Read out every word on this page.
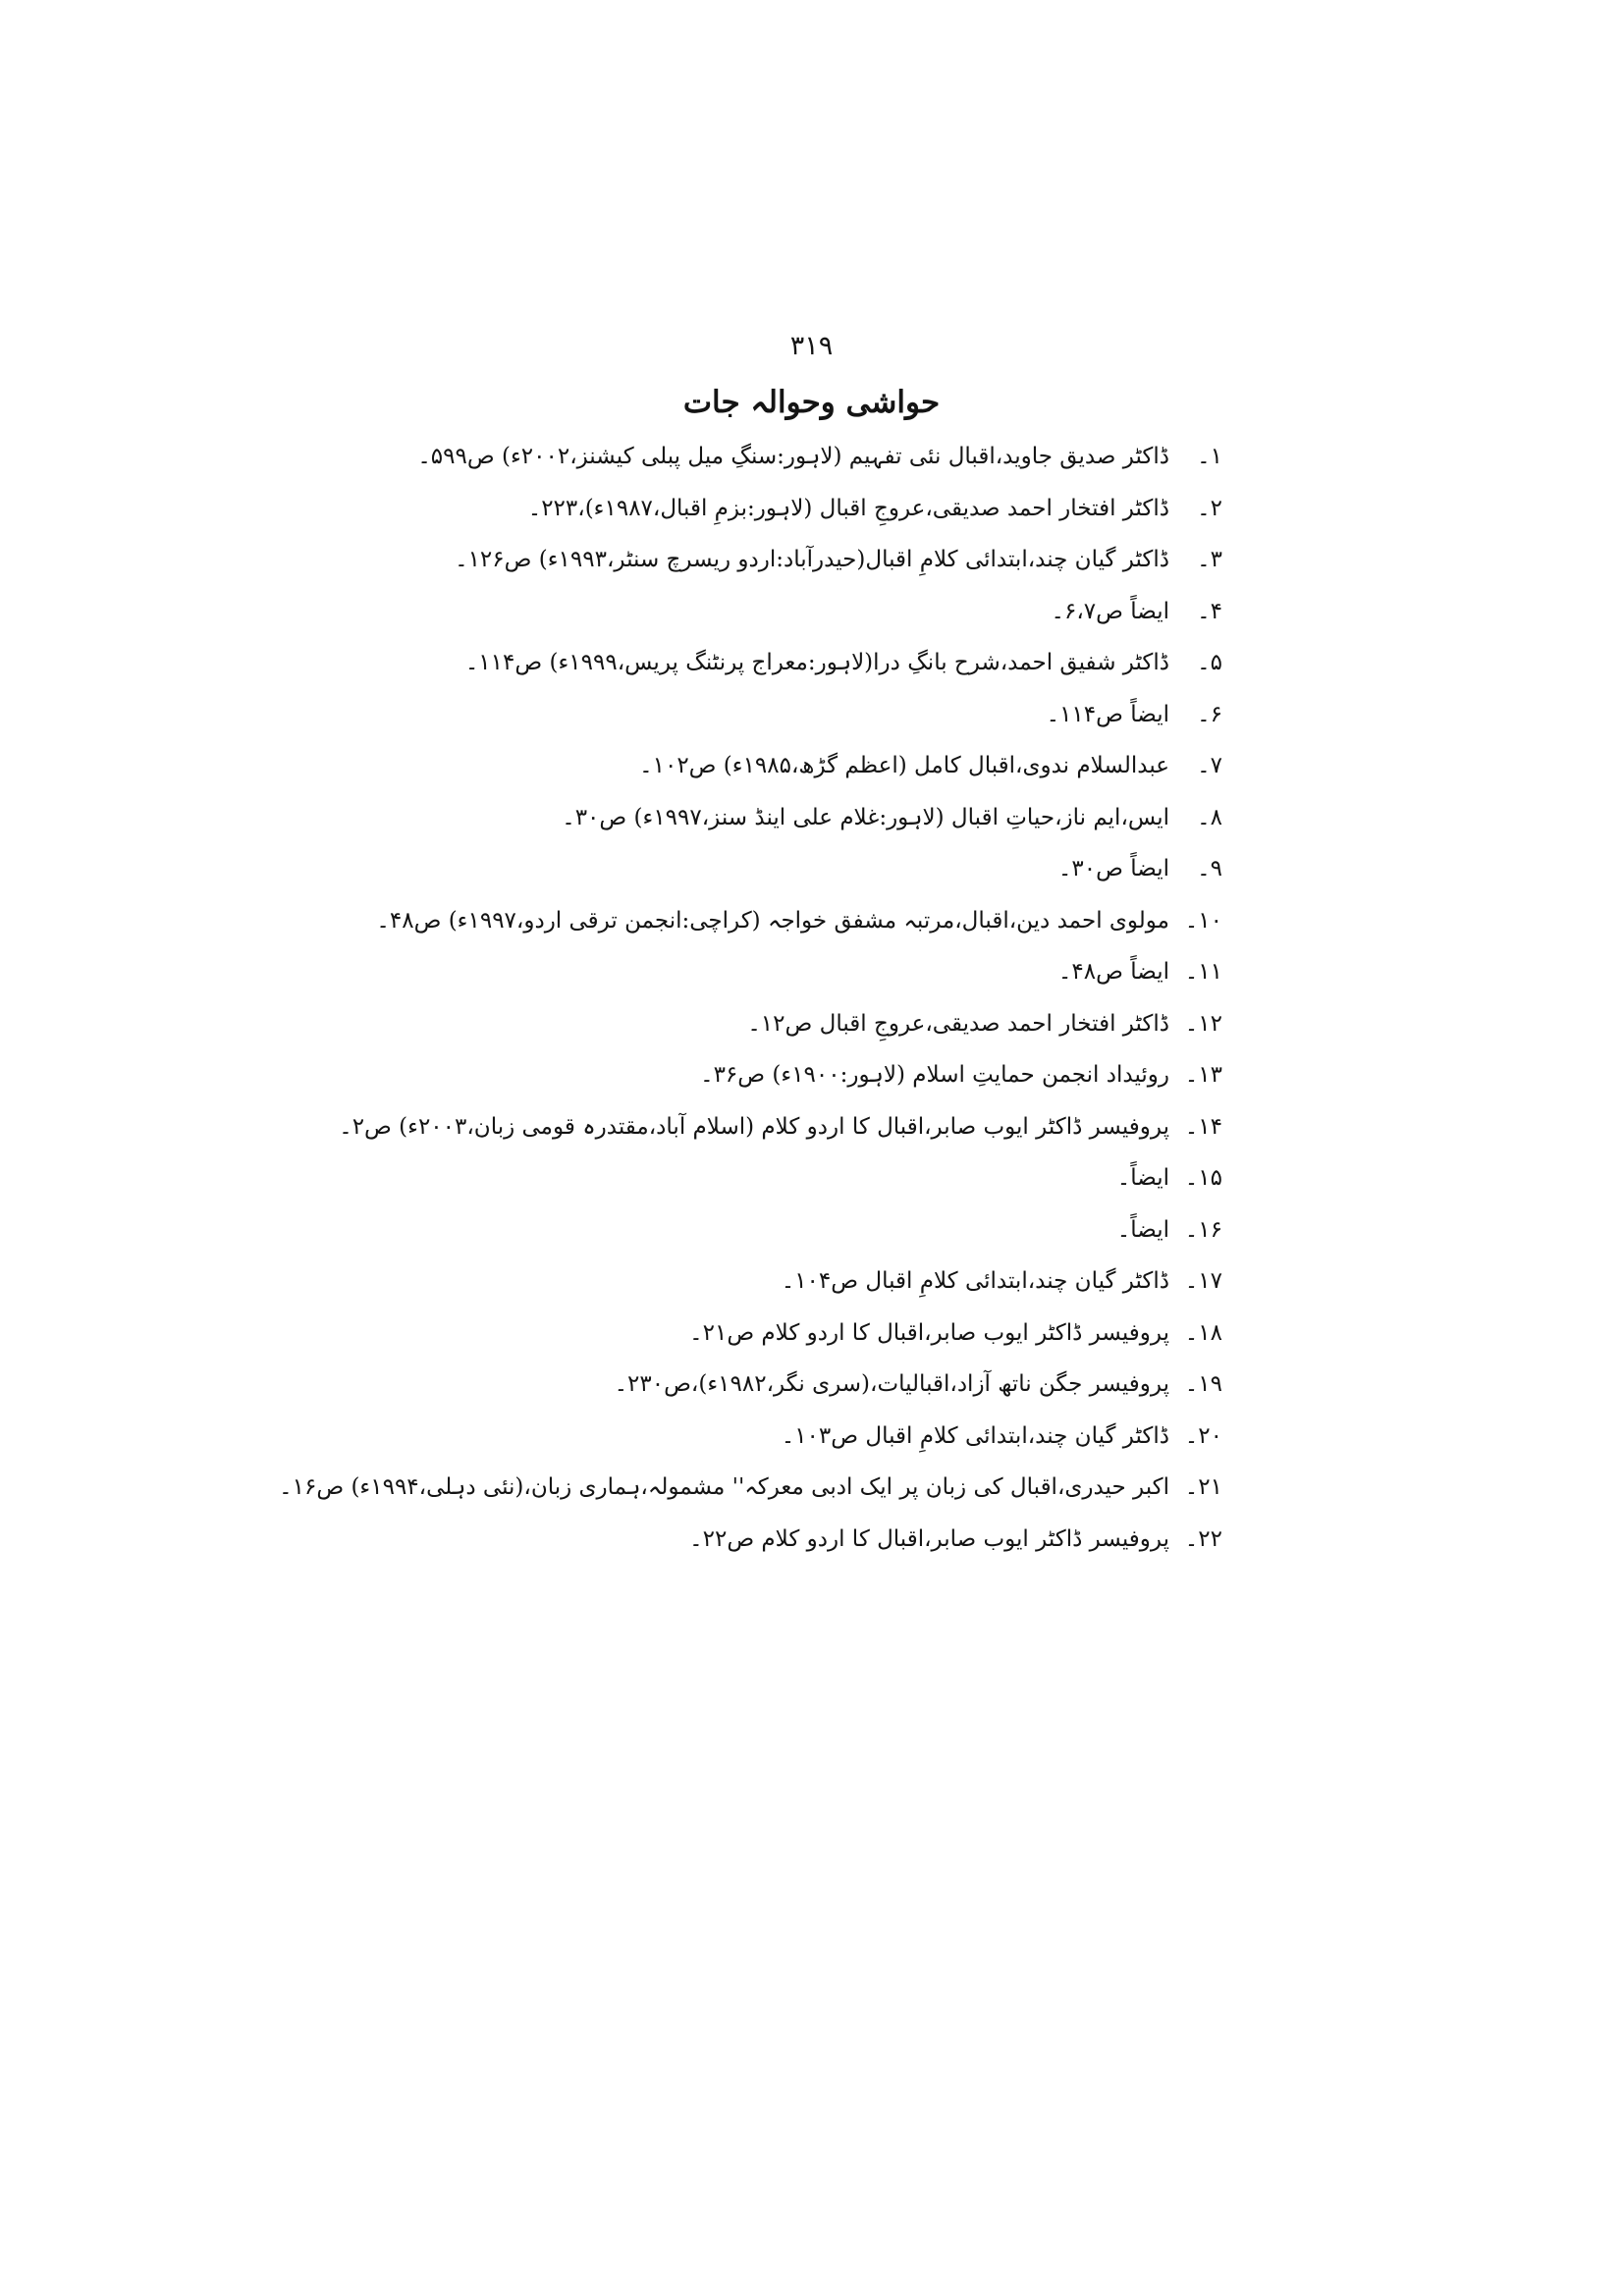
۳۱۹
حواشی وحوالہ جات
۱۔
ڈاکٹر صدیق جاوید،اقبال نئی تفہیم (لاہور:سنگِ میل پبلی کیشنز،۲۰۰۲ء) ص۵۹۹۔
۲۔
ڈاکٹر افتخار احمد صدیقی،عروجِ اقبال (لاہور:بزمِ اقبال،۱۹۸۷ء)،۲۲۳۔
۳۔
ڈاکٹر گیان چند،ابتدائی کلامِ اقبال(حیدرآباد:اردو ریسرچ سنٹر،۱۹۹۳ء) ص۱۲۶۔
۴۔
ایضاً ص۶،۷۔
۵۔
ڈاکٹر شفیق احمد،شرح بانگِ درا(لاہور:معراج پرنٹنگ پریس،۱۹۹۹ء) ص۱۱۴۔
۶۔
ایضاً ص۱۱۴۔
۷۔
عبدالسلام ندوی،اقبال کامل (اعظم گڑھ،۱۹۸۵ء) ص۱۰۲۔
۸۔
ایس،ایم ناز،حیاتِ اقبال (لاہور:غلام علی اینڈ سنز،۱۹۹۷ء) ص۳۰۔
۹۔
ایضاً ص۳۰۔
۱۰۔
مولوی احمد دین،اقبال،مرتبہ مشفق خواجہ (کراچی:انجمن ترقی اردو،۱۹۹۷ء) ص۴۸۔
۱۱۔
ایضاً ص۴۸۔
۱۲۔
ڈاکٹر افتخار احمد صدیقی،عروجِ اقبال ص۱۲۔
۱۳۔
روئیداد انجمن حمایتِ اسلام (لاہور:۱۹۰۰ء) ص۳۶۔
۱۴۔
پروفیسر ڈاکٹر ایوب صابر،اقبال کا اردو کلام (اسلام آباد،مقتدرہ قومی زبان،۲۰۰۳ء) ص۲۔
۱۵۔
ایضاً۔
۱۶۔
ایضاً۔
۱۷۔
ڈاکٹر گیان چند،ابتدائی کلامِ اقبال ص۱۰۴۔
۱۸۔
پروفیسر ڈاکٹر ایوب صابر،اقبال کا اردو کلام ص۲۱۔
۱۹۔
پروفیسر جگن ناتھ آزاد،اقبالیات،(سری نگر،۱۹۸۲ء)،ص۲۳۰۔
۲۰۔
ڈاکٹر گیان چند،ابتدائی کلامِ اقبال ص۱۰۳۔
۲۱۔
اکبر حیدری،اقبال کی زبان پر ایک ادبی معرکہ'' مشمولہ،ہماری زبان،(نئی دہلی،۱۹۹۴ء) ص۱۶۔
۲۲۔
پروفیسر ڈاکٹر ایوب صابر،اقبال کا اردو کلام ص۲۲۔
